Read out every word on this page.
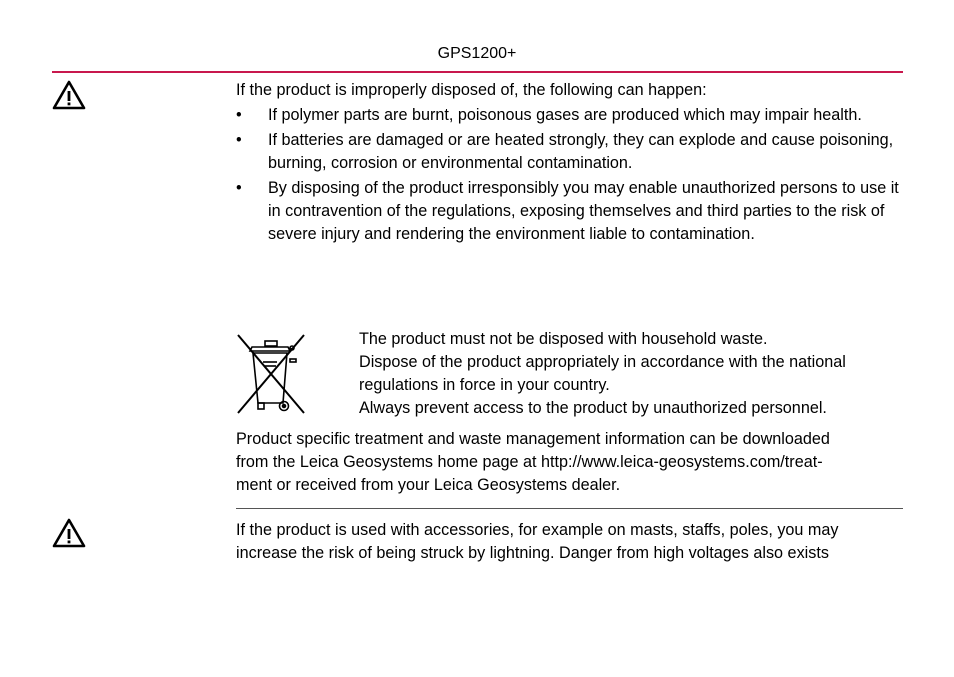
GPS1200+

If the product is improperly disposed of, the following can happen:

• If polymer parts are burnt, poisonous gases are produced which may impair health.
• If batteries are damaged or are heated strongly, they can explode and cause poisoning, burning, corrosion or environmental contamination.
• By disposing of the product irresponsibly you may enable unauthorized persons to use it in contravention of the regulations, exposing themselves and third parties to the risk of severe injury and rendering the environment liable to contamination.
The product must not be disposed with household waste.
Dispose of the product appropriately in accordance with the national regulations in force in your country.
Always prevent access to the product by unauthorized personnel.
Product specific treatment and waste management information can be downloaded
from the Leica Geosystems home page at http://www.leica-geosystems.com/treat-
ment or received from your Leica Geosystems dealer.
If the product is used with accessories, for example on masts, staffs, poles, you may
increase the risk of being struck by lightning. Danger from high voltages also exists
